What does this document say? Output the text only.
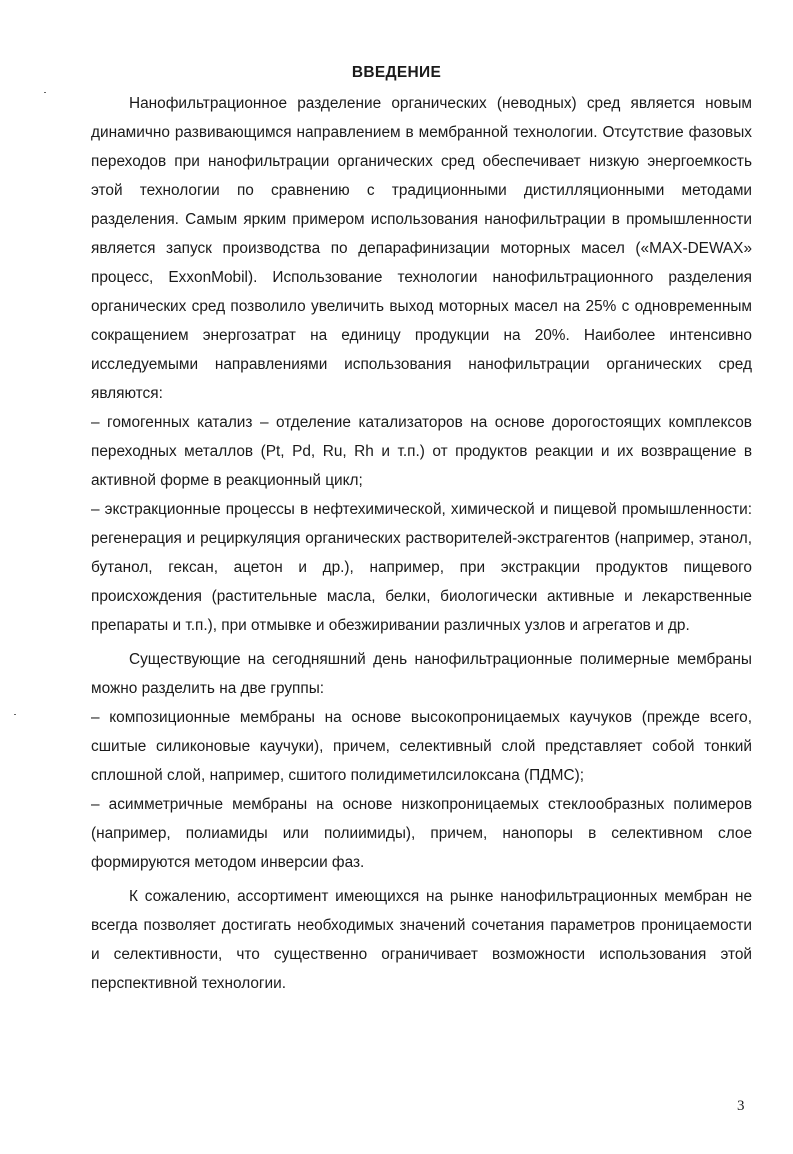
ВВЕДЕНИЕ

Нанофильтрационное разделение органических (неводных) сред является новым динамично развивающимся направлением в мембранной технологии. Отсутствие фазовых переходов при нанофильтрации органических сред обеспечивает низкую энергоемкость этой технологии по сравнению с традиционными дистилляционными методами разделения. Самым ярким примером использования нанофильтрации в промышленности является запуск производства по депарафинизации моторных масел («MAX-DEWAX» процесс, ExxonMobil). Использование технологии нанофильтрационного разделения органических сред позволило увеличить выход моторных масел на 25% с одновременным сокращением энергозатрат на единицу продукции на 20%. Наиболее интенсивно исследуемыми направлениями использования нанофильтрации органических сред являются:

– гомогенных катализ – отделение катализаторов на основе дорогостоящих комплексов переходных металлов (Pt, Pd, Ru, Rh и т.п.) от продуктов реакции и их возвращение в активной форме в реакционный цикл;

– экстракционные процессы в нефтехимической, химической и пищевой промышленности: регенерация и рециркуляция органических растворителей-экстрагентов (например, этанол, бутанол, гексан, ацетон и др.), например, при экстракции продуктов пищевого происхождения (растительные масла, белки, биологически активные и лекарственные препараты и т.п.), при отмывке и обезжиривании различных узлов и агрегатов и др.

Существующие на сегодняшний день нанофильтрационные полимерные мембраны можно разделить на две группы:

– композиционные мембраны на основе высокопроницаемых каучуков (прежде всего, сшитые силиконовые каучуки), причем, селективный слой представляет собой тонкий сплошной слой, например, сшитого полидиметилсилоксана (ПДМС);

– асимметричные мембраны на основе низкопроницаемых стеклообразных полимеров (например, полиамиды или полиимиды), причем, нанопоры в селективном слое формируются методом инверсии фаз.

К сожалению, ассортимент имеющихся на рынке нанофильтрационных мембран не всегда позволяет достигать необходимых значений сочетания параметров проницаемости и селективности, что существенно ограничивает возможности использования этой перспективной технологии.

3
